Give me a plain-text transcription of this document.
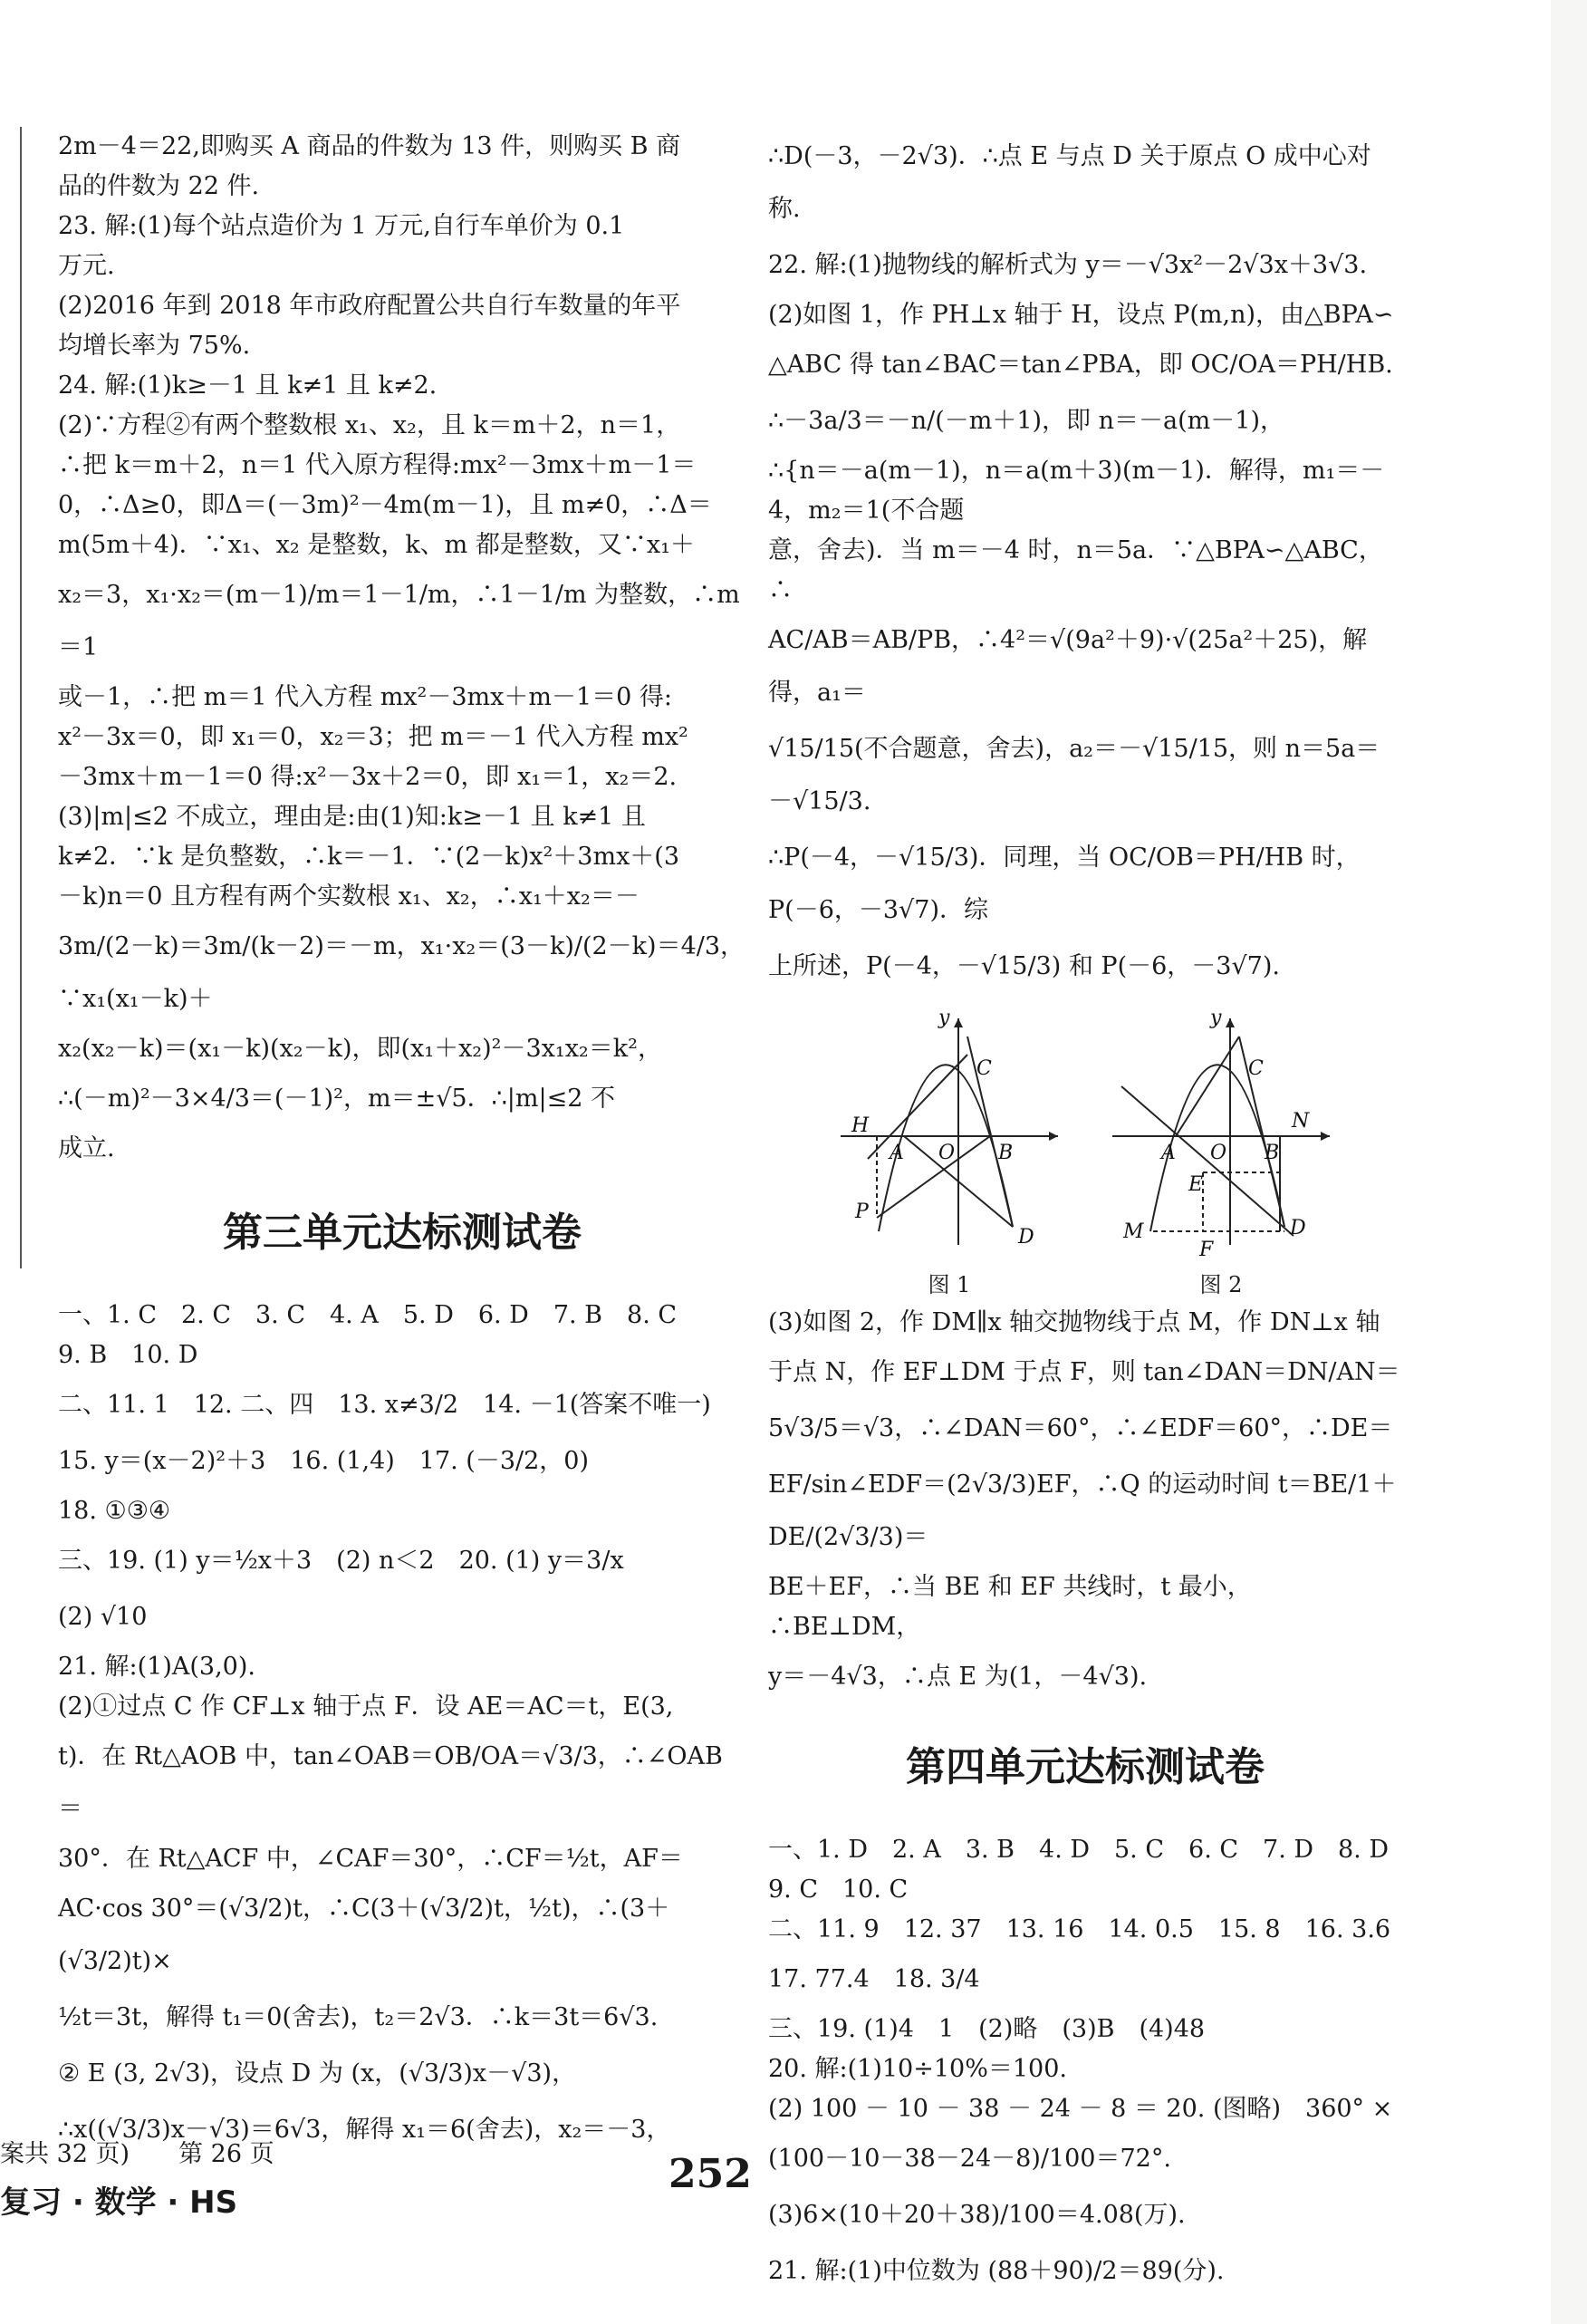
2m－4＝22,即购买 A 商品的件数为 13 件，则购买 B 商
品的件数为 22 件.
23. 解:(1)每个站点造价为 1 万元,自行车单价为 0.1
万元.
(2)2016 年到 2018 年市政府配置公共自行车数量的年平
均增长率为 75%.
24. 解:(1)k≥－1 且 k≠1 且 k≠2.
(2)∵方程②有两个整数根 x₁、x₂，且 k＝m＋2，n＝1，
∴把 k＝m＋2，n＝1 代入原方程得:mx²－3mx＋m－1＝
0，∴Δ≥0，即Δ＝(－3m)²－4m(m－1)，且 m≠0，∴Δ＝
m(5m＋4)．∵x₁、x₂ 是整数，k、m 都是整数，又∵x₁＋
x₂＝3，x₁·x₂＝(m－1)/m＝1－1/m，∴1－1/m 为整数，∴m＝1
或－1，∴把 m＝1 代入方程 mx²－3mx＋m－1＝0 得:
x²－3x＝0，即 x₁＝0，x₂＝3；把 m＝－1 代入方程 mx²
－3mx＋m－1＝0 得:x²－3x＋2＝0，即 x₁＝1，x₂＝2.
(3)|m|≤2 不成立，理由是:由(1)知:k≥－1 且 k≠1 且
k≠2．∵k 是负整数，∴k＝－1．∵(2－k)x²＋3mx＋(3
－k)n＝0 且方程有两个实数根 x₁、x₂，∴x₁＋x₂＝－
3m/(2－k)＝3m/(k－2)＝－m，x₁·x₂＝(3－k)/(2－k)＝4/3，∵x₁(x₁－k)＋
x₂(x₂－k)＝(x₁－k)(x₂－k)，即(x₁＋x₂)²－3x₁x₂＝k²，
∴(－m)²－3×4/3＝(－1)²，m＝±√5．∴|m|≤2 不
成立.
第三单元达标测试卷
一、1. C　2. C　3. C　4. A　5. D　6. D　7. B　8. C
9. B　10. D
二、11. 1　12. 二、四　13. x≠3/2　14. －1(答案不唯一)
15. y＝(x－2)²＋3　16. (1,4)　17. (－3/2，0)
18. ①③④
三、19. (1) y＝½x＋3　(2) n＜2　20. (1) y＝3/x
(2) √10
21. 解:(1)A(3,0).
(2)①过点 C 作 CF⊥x 轴于点 F．设 AE＝AC＝t，E(3,
t)．在 Rt△AOB 中，tan∠OAB＝OB/OA＝√3/3，∴∠OAB＝
30°．在 Rt△ACF 中，∠CAF＝30°，∴CF＝½t，AF＝
AC·cos 30°＝(√3/2)t，∴C(3＋(√3/2)t，½t)，∴(3＋(√3/2)t)×
½t＝3t，解得 t₁＝0(舍去)，t₂＝2√3．∴k＝3t＝6√3.
② E (3, 2√3)，设点 D 为 (x，(√3/3)x－√3)，
∴x((√3/3)x－√3)＝6√3，解得 x₁＝6(舍去)，x₂＝－3，
∴D(－3，－2√3)．∴点 E 与点 D 关于原点 O 成中心对称.
22. 解:(1)抛物线的解析式为 y＝－√3x²－2√3x＋3√3.
(2)如图 1，作 PH⊥x 轴于 H，设点 P(m,n)，由△BPA∽
△ABC 得 tan∠BAC＝tan∠PBA，即 OC/OA＝PH/HB.
∴－3a/3＝－n/(－m＋1)，即 n＝－a(m－1)，
∴{n＝－a(m－1)，n＝a(m＋3)(m－1)．解得，m₁＝－4，m₂＝1(不合题
意，舍去)．当 m＝－4 时，n＝5a．∵△BPA∽△ABC，∴
AC/AB＝AB/PB，∴4²＝√(9a²＋9)·√(25a²＋25)，解得，a₁＝
√15/15(不合题意，舍去)，a₂＝－√15/15，则 n＝5a＝－√15/3.
∴P(－4，－√15/3)．同理，当 OC/OB＝PH/HB 时，P(－6，－3√7)．综
上所述，P(－4，－√15/3) 和 P(－6，－3√7).
y
C
H
A O B
P
D
图 1
y
C
N
A O B
E
M
F
D
图 2
(3)如图 2，作 DM∥x 轴交抛物线于点 M，作 DN⊥x 轴
于点 N，作 EF⊥DM 于点 F，则 tan∠DAN＝DN/AN＝
5√3/5＝√3，∴∠DAN＝60°，∴∠EDF＝60°，∴DE＝
EF/sin∠EDF＝(2√3/3)EF，∴Q 的运动时间 t＝BE/1＋DE/(2√3/3)＝
BE＋EF，∴当 BE 和 EF 共线时，t 最小，∴BE⊥DM，
y＝－4√3，∴点 E 为(1，－4√3).
第四单元达标测试卷
一、1. D　2. A　3. B　4. D　5. C　6. C　7. D　8. D
9. C　10. C
二、11. 9　12. 37　13. 16　14. 0.5　15. 8　16. 3.6
17. 77.4　18. 3/4
三、19. (1)4　1　(2)略　(3)B　(4)48
20. 解:(1)10÷10%＝100.
(2) 100 － 10 － 38 － 24 － 8 ＝ 20. (图略)　360° ×
(100－10－38－24－8)/100＝72°.
(3)6×(10＋20＋38)/100＝4.08(万).
21. 解:(1)中位数为 (88＋90)/2＝89(分).
案共 32 页)　　第 26 页
复习 · 数学 · HS
252
